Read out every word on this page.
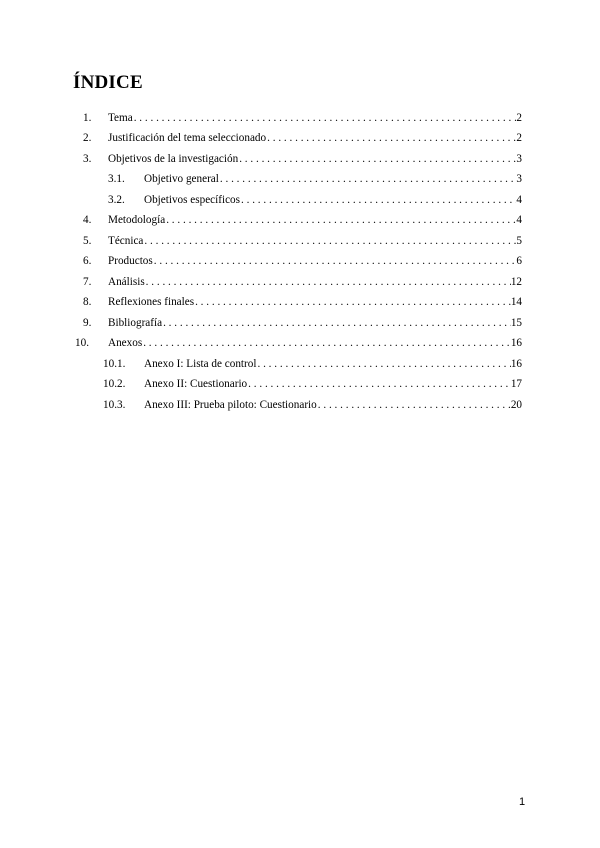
ÍNDICE
1. Tema . . .	2
2. Justificación del tema seleccionado . . .	2
3. Objetivos de la investigación . . .	3
3.1. Objetivo general . . .	3
3.2. Objetivos específicos . . .	4
4. Metodología . . .	4
5. Técnica . . .	5
6. Productos . . .	6
7. Análisis . . .	12
8. Reflexiones finales . . .	14
9. Bibliografía . . .	15
10. Anexos . . .	16
10.1. Anexo I: Lista de control . . .	16
10.2. Anexo II: Cuestionario . . .	17
10.3. Anexo III: Prueba piloto: Cuestionario . . .	20
1
